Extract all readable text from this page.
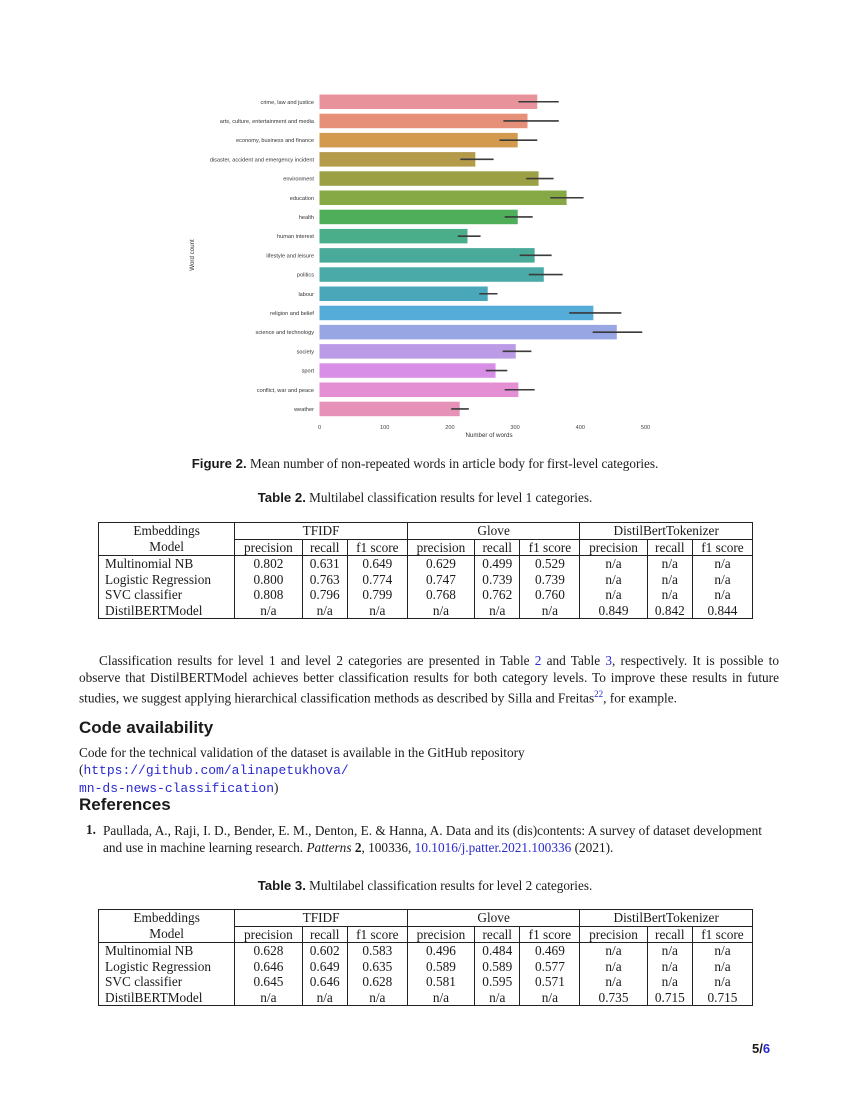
crime, law and justice
arts, culture, entertainment and media
economy, business and finance
disaster, accident and emergency incident
environment
education
health
human interest
lifestyle and leisure
politics
labour
religion and belief
science and technology
society
sport
conflict, war and peace
weather
0	100	200	300	400	500
Number of words
Word count
Figure 2. Mean number of non-repeated words in article body for first-level categories.
Table 2. Multilabel classification results for level 1 categories.
Embeddings	TFIDF			Glove			DistilBertTokenizer		
Model	precision	recall	f1 score	precision	recall	f1 score	precision	recall	f1 score
Multinomial NB	0.802	0.631	0.649	0.629	0.499	0.529	n/a	n/a	n/a
Logistic Regression	0.800	0.763	0.774	0.747	0.739	0.739	n/a	n/a	n/a
SVC classifier	0.808	0.796	0.799	0.768	0.762	0.760	n/a	n/a	n/a
DistilBERTModel	n/a	n/a	n/a	n/a	n/a	n/a	0.849	0.842	0.844
Classification results for level 1 and level 2 categories are presented in Table 2 and Table 3, respectively. It is possible to observe that DistilBERTModel achieves better classification results for both category levels. To improve these results in future studies, we suggest applying hierarchical classification methods as described by Silla and Freitas$^{22}$, for example.
Code availability
Code for the technical validation of the dataset is available in the GitHub repository (https://github.com/alinapetukhova/
mn-ds-news-classification)
References
1. Paullada, A., Raji, I. D., Bender, E. M., Denton, E. & Hanna, A. Data and its (dis)contents: A survey of dataset development and use in machine learning research. Patterns 2, 100336, 10.1016/j.patter.2021.100336 (2021).
Table 3. Multilabel classification results for level 2 categories.
Embeddings	TFIDF			Glove			DistilBertTokenizer		
Model	precision	recall	f1 score	precision	recall	f1 score	precision	recall	f1 score
Multinomial NB	0.628	0.602	0.583	0.496	0.484	0.469	n/a	n/a	n/a
Logistic Regression	0.646	0.649	0.635	0.589	0.589	0.577	n/a	n/a	n/a
SVC classifier	0.645	0.646	0.628	0.581	0.595	0.571	n/a	n/a	n/a
DistilBERTModel	n/a	n/a	n/a	n/a	n/a	n/a	0.735	0.715	0.715
5/6
